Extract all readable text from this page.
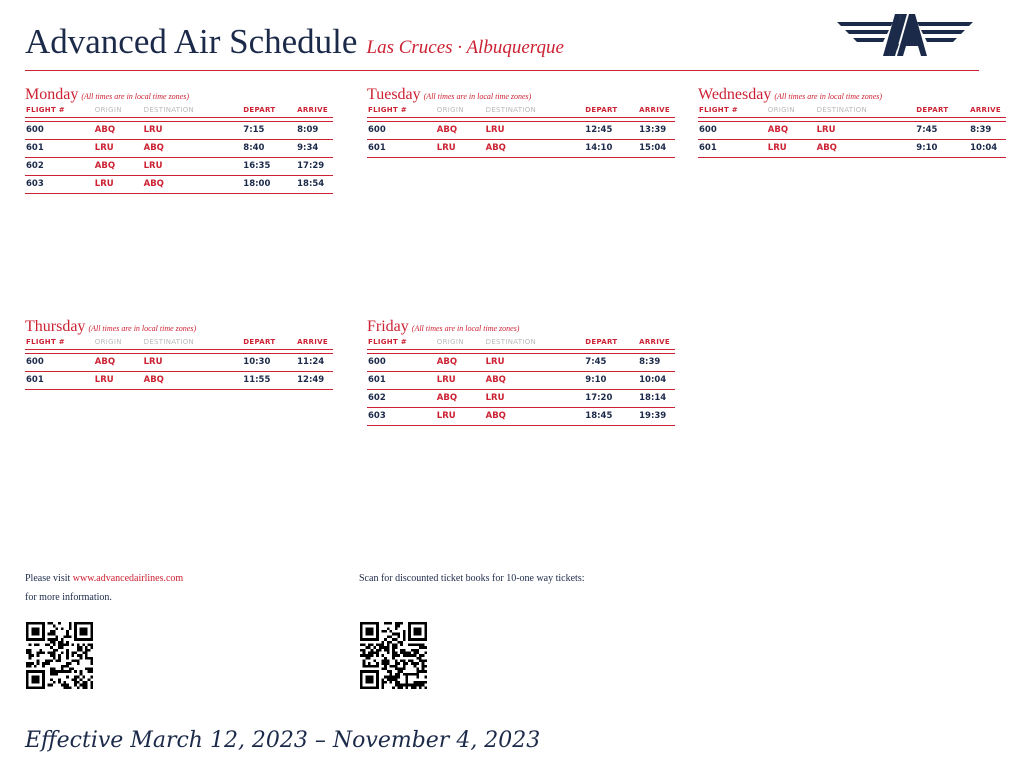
Advanced Air Schedule Las Cruces · Albuquerque
Monday (All times are in local time zones)
FLIGHT #	ORIGIN	DESTINATION	DEPART	ARRIVE
600	ABQ	LRU	7:15	8:09
601	LRU	ABQ	8:40	9:34
602	ABQ	LRU	16:35	17:29
603	LRU	ABQ	18:00	18:54
Tuesday (All times are in local time zones)
FLIGHT #	ORIGIN	DESTINATION	DEPART	ARRIVE
600	ABQ	LRU	12:45	13:39
601	LRU	ABQ	14:10	15:04
Wednesday (All times are in local time zones)
FLIGHT #	ORIGIN	DESTINATION	DEPART	ARRIVE
600	ABQ	LRU	7:45	8:39
601	LRU	ABQ	9:10	10:04
Thursday (All times are in local time zones)
FLIGHT #	ORIGIN	DESTINATION	DEPART	ARRIVE
600	ABQ	LRU	10:30	11:24
601	LRU	ABQ	11:55	12:49
Friday (All times are in local time zones)
FLIGHT #	ORIGIN	DESTINATION	DEPART	ARRIVE
600	ABQ	LRU	7:45	8:39
601	LRU	ABQ	9:10	10:04
602	ABQ	LRU	17:20	18:14
603	LRU	ABQ	18:45	19:39
Please visit www.advancedairlines.com
for more information.
Scan for discounted ticket books for 10-one way tickets:
Effective March 12, 2023 – November 4, 2023
